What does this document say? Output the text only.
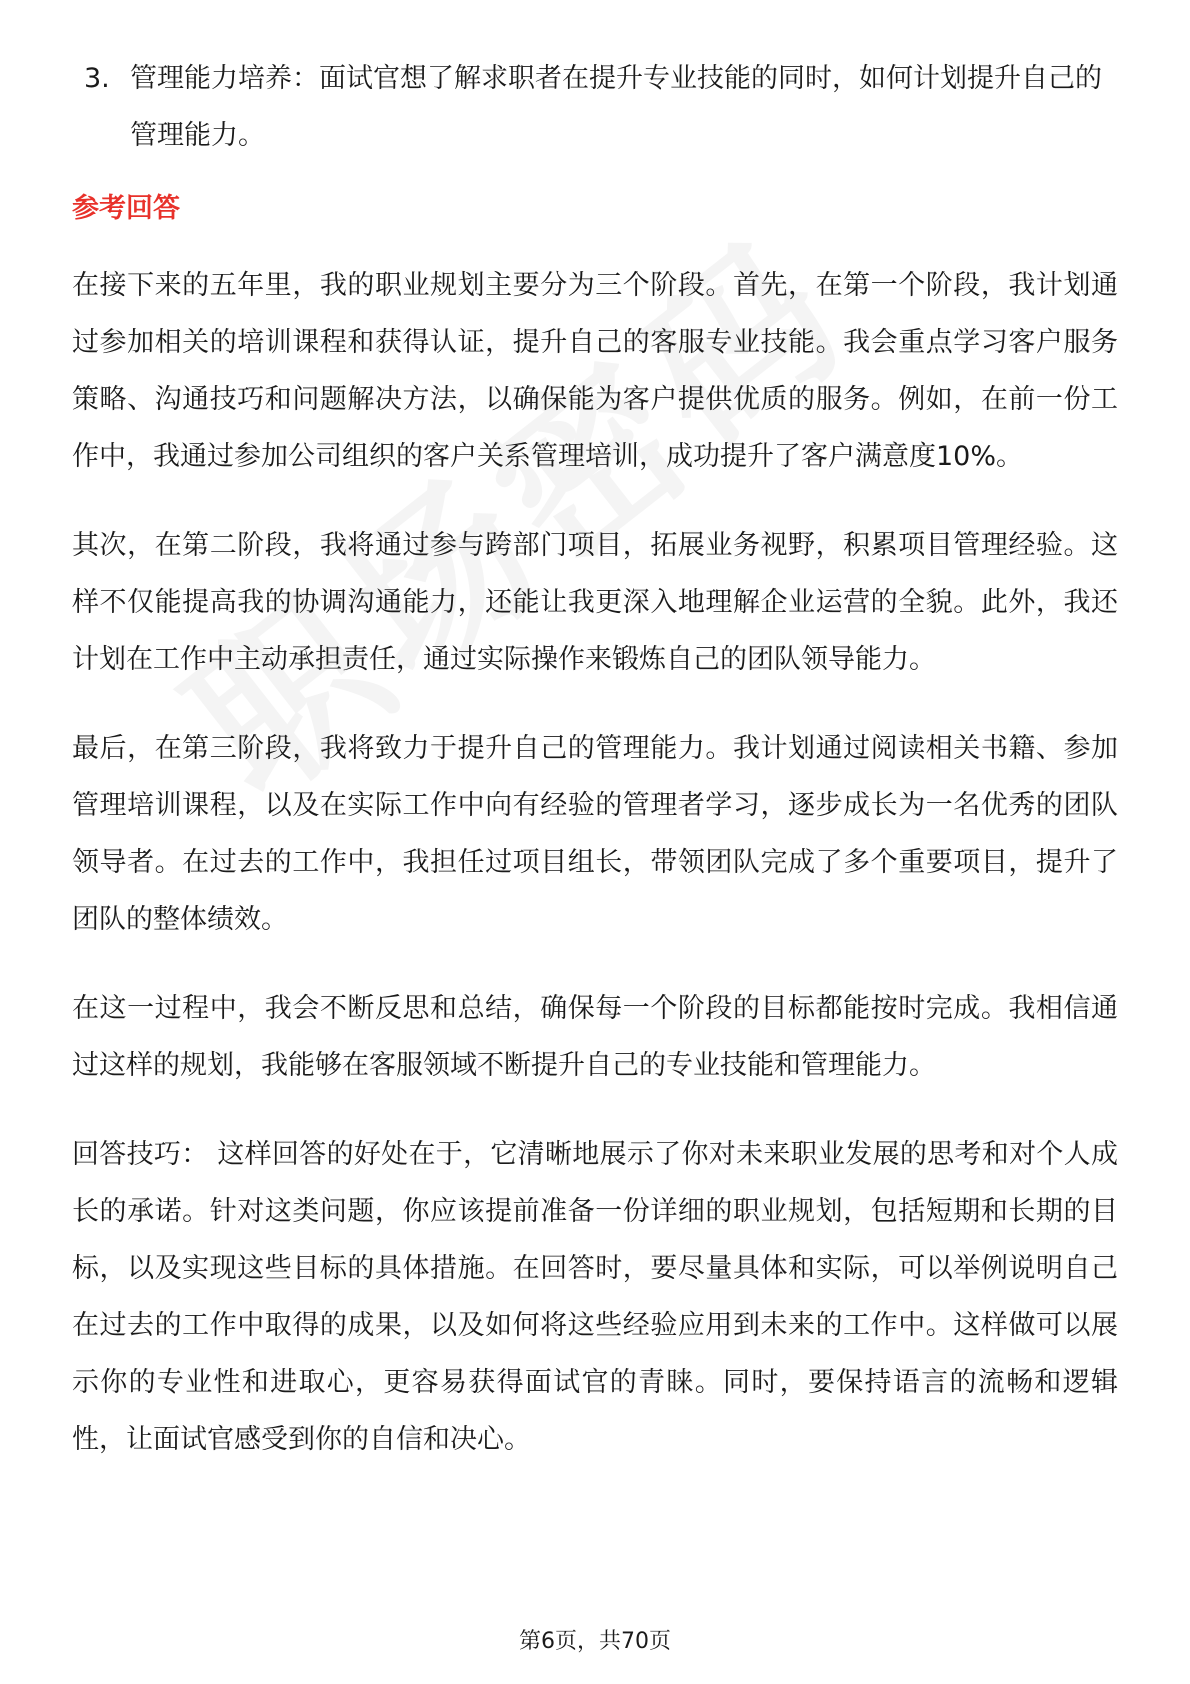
3. 管理能力培养：面试官想了解求职者在提升专业技能的同时，如何计划提升自己的管理能力。
参考回答

在接下来的五年里，我的职业规划主要分为三个阶段。首先，在第一个阶段，我计划通过参加相关的培训课程和获得认证，提升自己的客服专业技能。我会重点学习客户服务策略、沟通技巧和问题解决方法，以确保能为客户提供优质的服务。例如，在前一份工作中，我通过参加公司组织的客户关系管理培训，成功提升了客户满意度10%。

其次，在第二阶段，我将通过参与跨部门项目，拓展业务视野，积累项目管理经验。这样不仅能提高我的协调沟通能力，还能让我更深入地理解企业运营的全貌。此外，我还计划在工作中主动承担责任，通过实际操作来锻炼自己的团队领导能力。

最后，在第三阶段，我将致力于提升自己的管理能力。我计划通过阅读相关书籍、参加管理培训课程，以及在实际工作中向有经验的管理者学习，逐步成长为一名优秀的团队领导者。在过去的工作中，我担任过项目组长，带领团队完成了多个重要项目，提升了团队的整体绩效。

在这一过程中，我会不断反思和总结，确保每一个阶段的目标都能按时完成。我相信通过这样的规划，我能够在客服领域不断提升自己的专业技能和管理能力。

回答技巧： 这样回答的好处在于，它清晰地展示了你对未来职业发展的思考和对个人成长的承诺。针对这类问题，你应该提前准备一份详细的职业规划，包括短期和长期的目标，以及实现这些目标的具体措施。在回答时，要尽量具体和实际，可以举例说明自己在过去的工作中取得的成果，以及如何将这些经验应用到未来的工作中。这样做可以展示你的专业性和进取心，更容易获得面试官的青睐。同时，要保持语言的流畅和逻辑性，让面试官感受到你的自信和决心。

第6页，共70页
